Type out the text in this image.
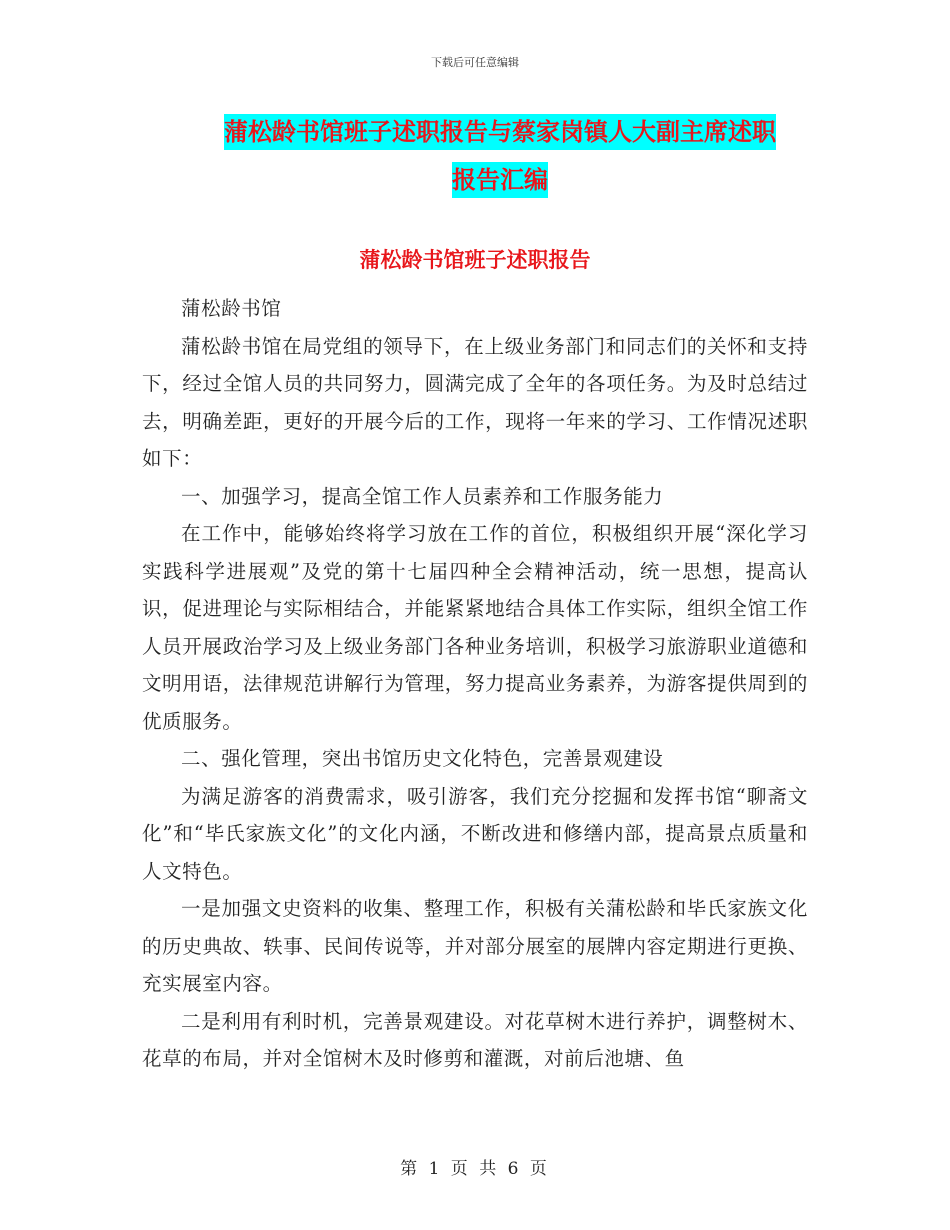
下载后可任意编辑
蒲松龄书馆班子述职报告与蔡家岗镇人大副主席述职
报告汇编
蒲松龄书馆班子述职报告

蒲松龄书馆

蒲松龄书馆在局党组的领导下，在上级业务部门和同志们的关怀和支持下，经过全馆人员的共同努力，圆满完成了全年的各项任务。为及时总结过去，明确差距，更好的开展今后的工作，现将一年来的学习、工作情况述职如下：

一、加强学习，提高全馆工作人员素养和工作服务能力

在工作中，能够始终将学习放在工作的首位，积极组织开展“深化学习实践科学进展观”及党的第十七届四种全会精神活动，统一思想，提高认识，促进理论与实际相结合，并能紧紧地结合具体工作实际，组织全馆工作人员开展政治学习及上级业务部门各种业务培训，积极学习旅游职业道德和文明用语，法律规范讲解行为管理，努力提高业务素养，为游客提供周到的优质服务。

二、强化管理，突出书馆历史文化特色，完善景观建设

为满足游客的消费需求，吸引游客，我们充分挖掘和发挥书馆“聊斋文化”和“毕氏家族文化”的文化内涵，不断改进和修缮内部，提高景点质量和人文特色。

一是加强文史资料的收集、整理工作，积极有关蒲松龄和毕氏家族文化的历史典故、轶事、民间传说等，并对部分展室的展牌内容定期进行更换、充实展室内容。

二是利用有利时机，完善景观建设。对花草树木进行养护，调整树木、花草的布局，并对全馆树木及时修剪和灌溉，对前后池塘、鱼

第 1 页 共 6 页
